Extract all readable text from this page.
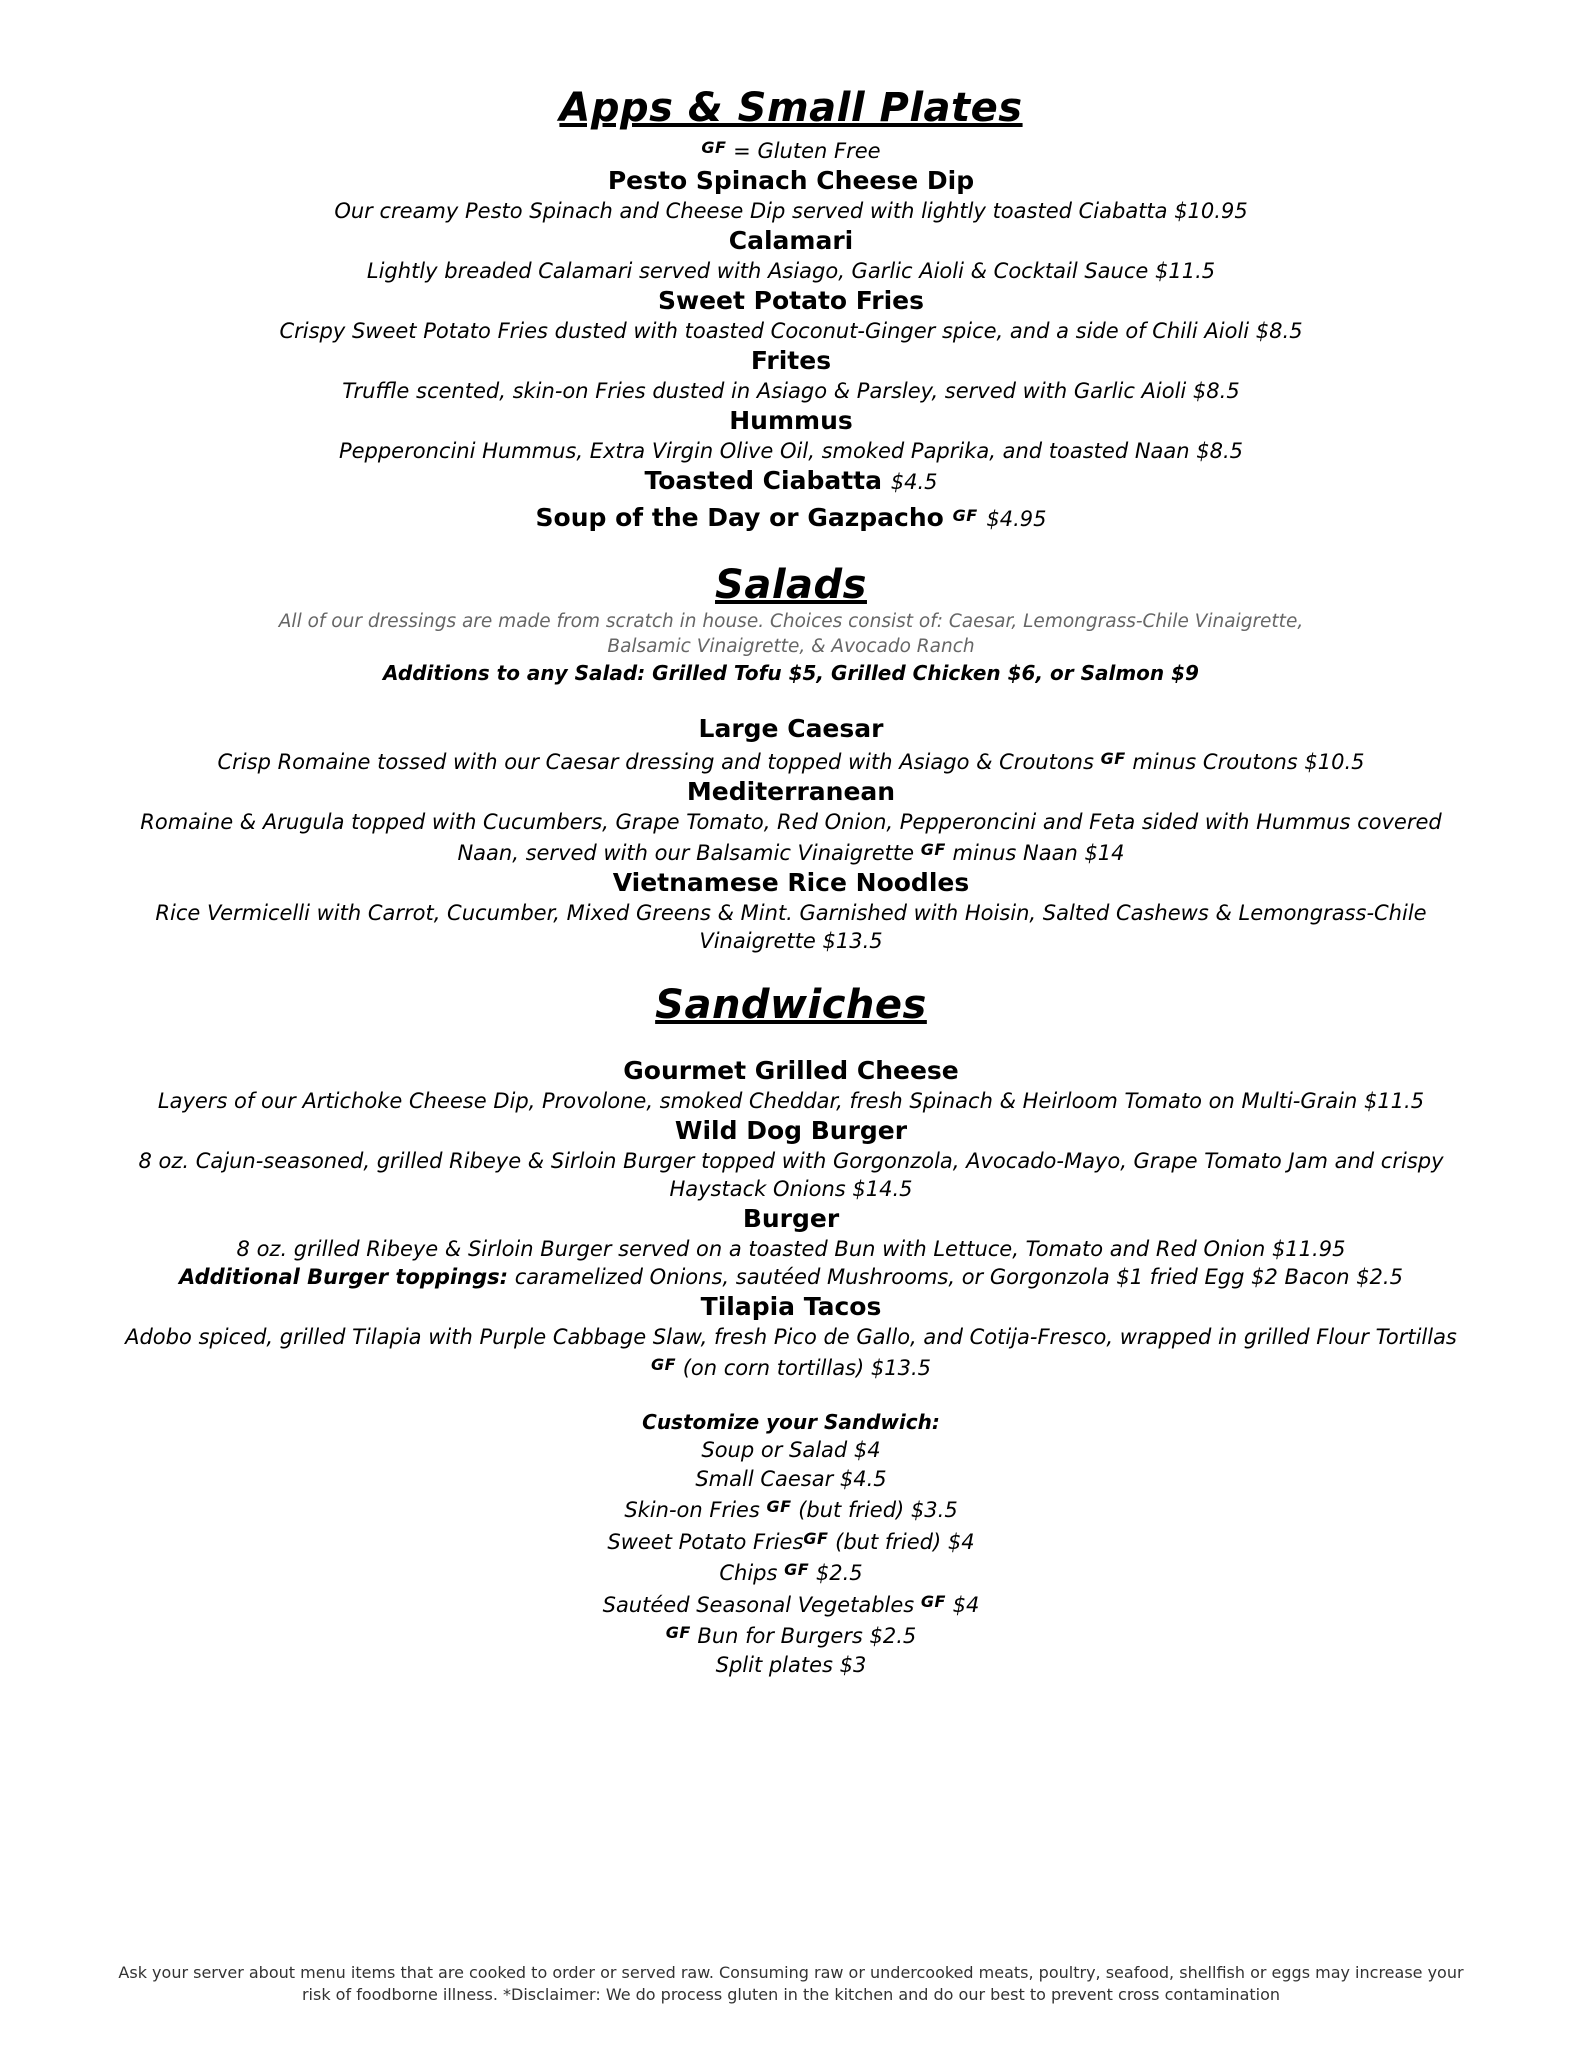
Apps & Small Plates

$^{GF}$ = Gluten Free

Pesto Spinach Cheese Dip

Our creamy Pesto Spinach and Cheese Dip served with lightly toasted Ciabatta $10.95

Calamari

Lightly breaded Calamari served with Asiago, Garlic Aioli & Cocktail Sauce $11.5

Sweet Potato Fries

Crispy Sweet Potato Fries dusted with toasted Coconut-Ginger spice, and a side of Chili Aioli $8.5

Frites

Truffle scented, skin-on Fries dusted in Asiago & Parsley, served with Garlic Aioli $8.5

Hummus

Pepperoncini Hummus, Extra Virgin Olive Oil, smoked Paprika, and toasted Naan $8.5

Toasted Ciabatta $4.5

Soup of the Day or Gazpacho $^{GF}$ $4.95

Salads

All of our dressings are made from scratch in house. Choices consist of: Caesar, Lemongrass-Chile Vinaigrette,

Balsamic Vinaigrette, & Avocado Ranch

Additions to any Salad: Grilled Tofu $5, Grilled Chicken $6, or Salmon $9

Large Caesar

Crisp Romaine tossed with our Caesar dressing and topped with Asiago & Croutons $^{GF}$ minus Croutons $10.5

Mediterranean

Romaine & Arugula topped with Cucumbers, Grape Tomato, Red Onion, Pepperoncini and Feta sided with Hummus covered

Naan, served with our Balsamic Vinaigrette $^{GF}$ minus Naan $14

Vietnamese Rice Noodles

Rice Vermicelli with Carrot, Cucumber, Mixed Greens & Mint. Garnished with Hoisin, Salted Cashews & Lemongrass-Chile

Vinaigrette $13.5

Sandwiches

Gourmet Grilled Cheese

Layers of our Artichoke Cheese Dip, Provolone, smoked Cheddar, fresh Spinach & Heirloom Tomato on Multi-Grain $11.5

Wild Dog Burger

8 oz. Cajun-seasoned, grilled Ribeye & Sirloin Burger topped with Gorgonzola, Avocado-Mayo, Grape Tomato Jam and crispy

Haystack Onions $14.5

Burger

8 oz. grilled Ribeye & Sirloin Burger served on a toasted Bun with Lettuce, Tomato and Red Onion $11.95

Additional Burger toppings: caramelized Onions, sautéed Mushrooms, or Gorgonzola $1 fried Egg $2 Bacon $2.5

Tilapia Tacos

Adobo spiced, grilled Tilapia with Purple Cabbage Slaw, fresh Pico de Gallo, and Cotija-Fresco, wrapped in grilled Flour Tortillas

$^{GF}$ (on corn tortillas) $13.5

Customize your Sandwich:

Soup or Salad $4

Small Caesar $4.5

Skin-on Fries $^{GF}$ (but fried) $3.5

Sweet Potato Fries$^{GF}$ (but fried) $4

Chips $^{GF}$ $2.5

Sautéed Seasonal Vegetables $^{GF}$ $4

$^{GF}$ Bun for Burgers $2.5

Split plates $3

Ask your server about menu items that are cooked to order or served raw. Consuming raw or undercooked meats, poultry, seafood, shellfish or eggs may increase your

risk of foodborne illness. *Disclaimer: We do process gluten in the kitchen and do our best to prevent cross contamination
